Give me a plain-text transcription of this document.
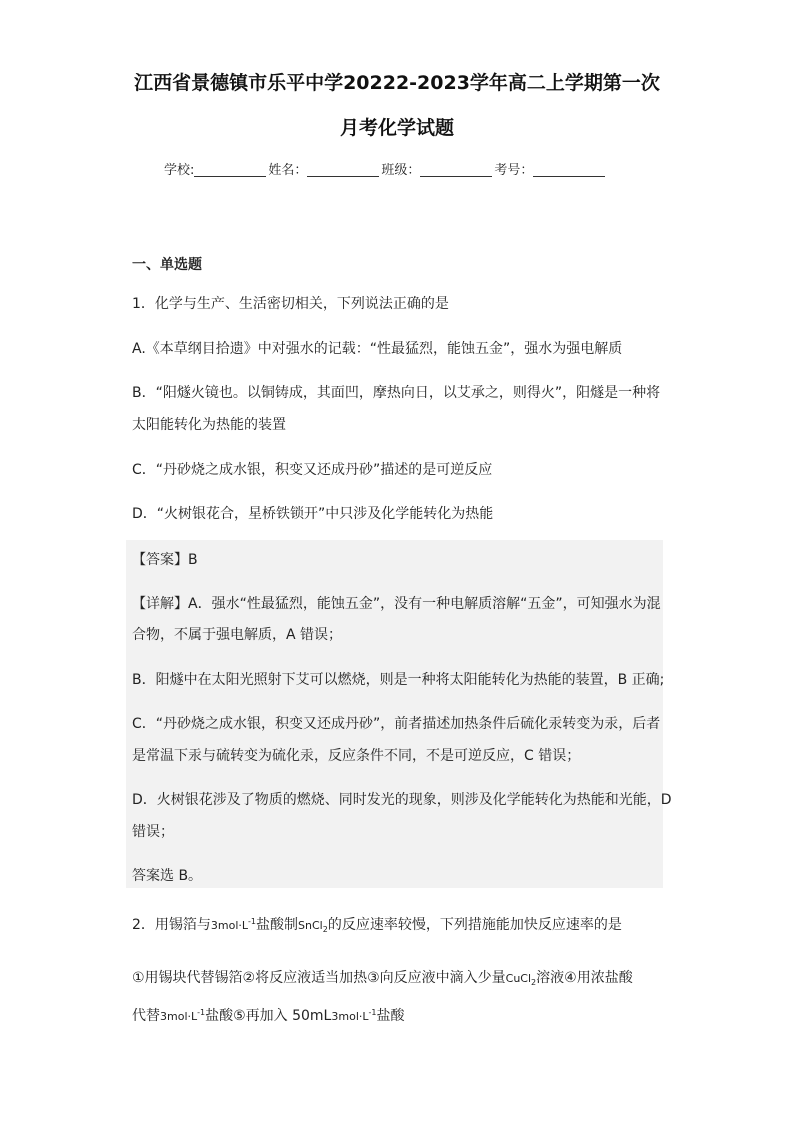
江西省景德镇市乐平中学20222-2023学年高二上学期第一次
月考化学试题
学校:	姓名：	班级：	考号：
一、单选题
1．化学与生产、生活密切相关，下列说法正确的是
A.《本草纲目拾遗》中对强水的记载：“性最猛烈，能蚀五金”，强水为强电解质
B．“阳燧火镜也。以铜铸成，其面凹，摩热向日，以艾承之，则得火”，阳燧是一种将
太阳能转化为热能的装置
C．“丹砂烧之成水银，积变又还成丹砂”描述的是可逆反应
D．“火树银花合，星桥铁锁开”中只涉及化学能转化为热能
【答案】B
【详解】A．强水“性最猛烈，能蚀五金”，没有一种电解质溶解“五金”，可知强水为混
合物，不属于强电解质，A 错误；
B．阳燧中在太阳光照射下艾可以燃烧，则是一种将太阳能转化为热能的装置，B 正确;
C．“丹砂烧之成水银，积变又还成丹砂”，前者描述加热条件后硫化汞转变为汞，后者
是常温下汞与硫转变为硫化汞，反应条件不同，不是可逆反应，C 错误；
D．火树银花涉及了物质的燃烧、同时发光的现象，则涉及化学能转化为热能和光能，D
错误；
答案选 B。
2．用锡箔与$3mol\cdot L^{-1}$盐酸制SnCl$_2$的反应速率较慢，下列措施能加快反应速率的是
①用锡块代替锡箔②将反应液适当加热③向反应液中滴入少量CuCl$_2$溶液④用浓盐酸
代替$3mol\cdot L^{-1}$盐酸⑤再加入 $50mL3mol\cdot L^{-1}$盐酸
